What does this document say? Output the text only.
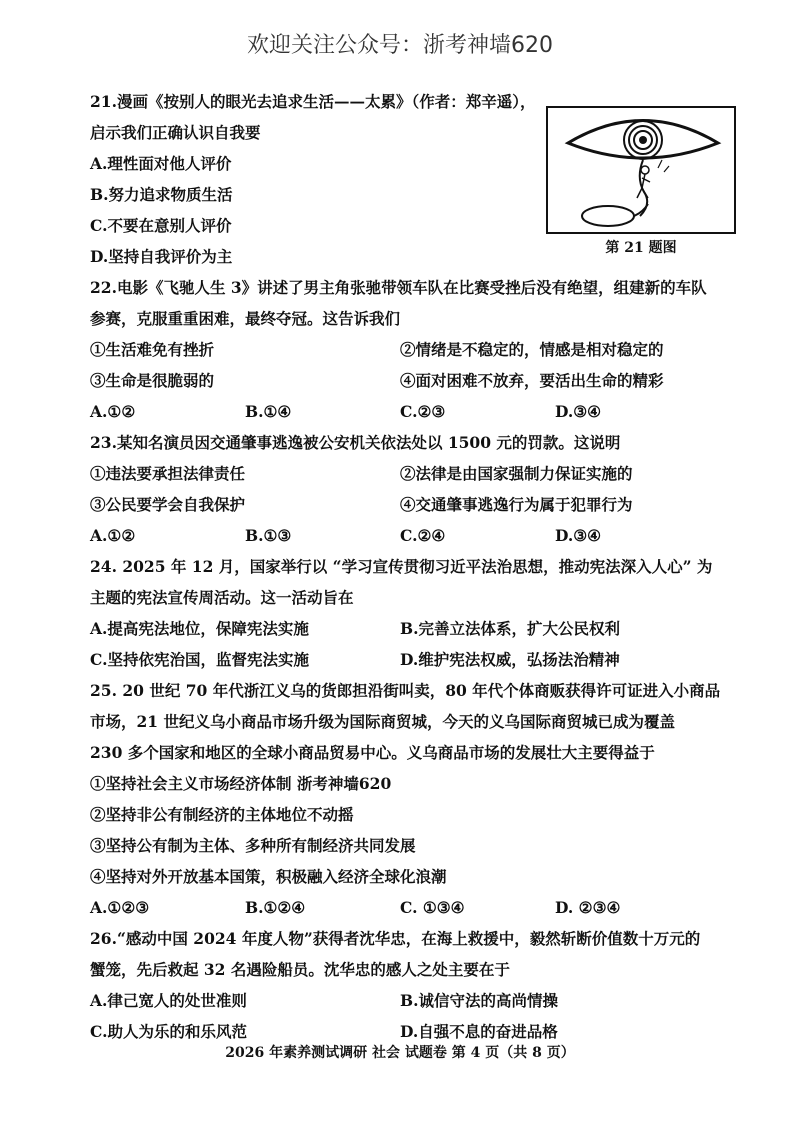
欢迎关注公众号：浙考神墙620
第 21 题图
21.漫画《按别人的眼光去追求生活——太累》（作者：郑辛遥），
启示我们正确认识自我要
A.理性面对他人评价
B.努力追求物质生活
C.不要在意别人评价
D.坚持自我评价为主
22.电影《飞驰人生 3》讲述了男主角张驰带领车队在比赛受挫后没有绝望，组建新的车队
参赛，克服重重困难，最终夺冠。这告诉我们
①生活难免有挫折	②情绪是不稳定的，情感是相对稳定的
③生命是很脆弱的	④面对困难不放弃，要活出生命的精彩
A.①②	B.①④	C.②③	D.③④
23.某知名演员因交通肇事逃逸被公安机关依法处以 1500 元的罚款。这说明
①违法要承担法律责任	②法律是由国家强制力保证实施的
③公民要学会自我保护	④交通肇事逃逸行为属于犯罪行为
A.①②	B.①③	C.②④	D.③④
24. 2025 年 12 月，国家举行以 “学习宣传贯彻习近平法治思想，推动宪法深入人心” 为
主题的宪法宣传周活动。这一活动旨在
A.提高宪法地位，保障宪法实施	B.完善立法体系，扩大公民权利
C.坚持依宪治国，监督宪法实施	D.维护宪法权威，弘扬法治精神
25. 20 世纪 70 年代浙江义乌的货郎担沿街叫卖，80 年代个体商贩获得许可证进入小商品
市场，21 世纪义乌小商品市场升级为国际商贸城，今天的义乌国际商贸城已成为覆盖
230 多个国家和地区的全球小商品贸易中心。义乌商品市场的发展壮大主要得益于
①坚持社会主义市场经济体制 浙考神墙620
②坚持非公有制经济的主体地位不动摇
③坚持公有制为主体、多种所有制经济共同发展
④坚持对外开放基本国策，积极融入经济全球化浪潮
A.①②③	B.①②④	C. ①③④	D. ②③④
26.“感动中国 2024 年度人物”获得者沈华忠，在海上救援中，毅然斩断价值数十万元的
蟹笼，先后救起 32 名遇险船员。沈华忠的感人之处主要在于
A.律己宽人的处世准则	B.诚信守法的高尚情操
C.助人为乐的和乐风范	D.自强不息的奋进品格
2026 年素养测试调研 社会 试题卷 第 4 页（共 8 页）
